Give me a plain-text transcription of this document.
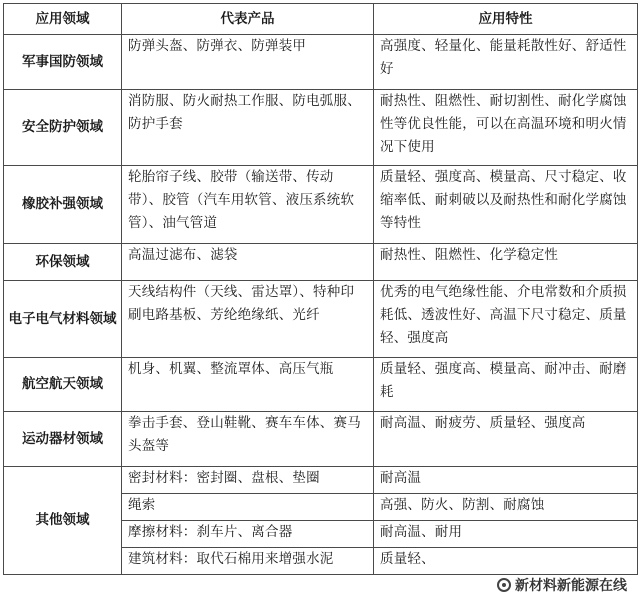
应用领域	代表产品	应用特性
军事国防领域	防弹头盔、防弹衣、防弹装甲	高强度、轻量化、能量耗散性好、舒适性好
安全防护领域	消防服、防火耐热工作服、防电弧服、防护手套	耐热性、阻燃性、耐切割性、耐化学腐蚀性等优良性能，可以在高温环境和明火情况下使用
橡胶补强领域	轮胎帘子线、胶带（输送带、传动带）、胶管（汽车用软管、液压系统软管）、油气管道	质量轻、强度高、模量高、尺寸稳定、收缩率低、耐刺破以及耐热性和耐化学腐蚀等特性
环保领域	高温过滤布、滤袋	耐热性、阻燃性、化学稳定性
电子电气材料领域	天线结构件（天线、雷达罩）、特种印刷电路基板、芳纶绝缘纸、光纤	优秀的电气绝缘性能、介电常数和介质损耗低、透波性好、高温下尺寸稳定、质量轻、强度高
航空航天领域	机身、机翼、整流罩体、高压气瓶	质量轻、强度高、模量高、耐冲击、耐磨耗
运动器材领域	拳击手套、登山鞋靴、赛车车体、赛马头盔等	耐高温、耐疲劳、质量轻、强度高
其他领域	密封材料：密封圈、盘根、垫圈	耐高温
	绳索	高强、防火、防割、耐腐蚀
	摩擦材料：刹车片、离合器	耐高温、耐用
	建筑材料：取代石棉用来增强水泥	质量轻、
新材料新能源在线
